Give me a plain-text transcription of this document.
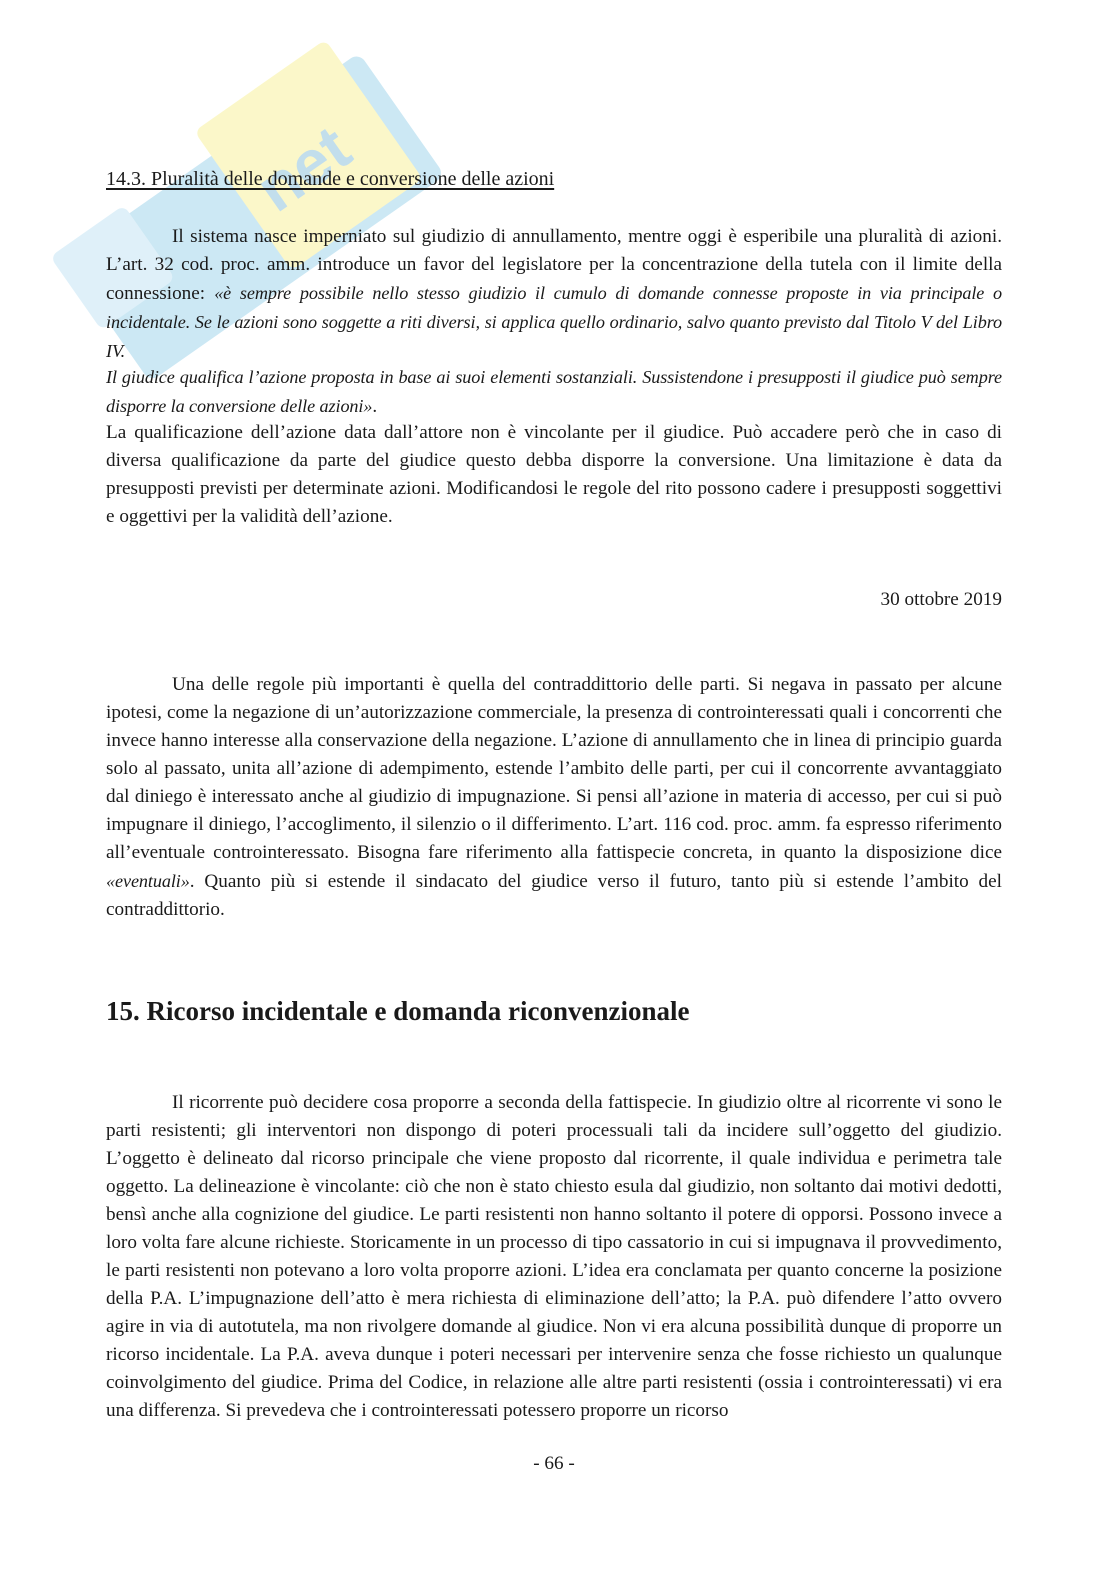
net
14.3. Pluralità delle domande e conversione delle azioni

Il sistema nasce imperniato sul giudizio di annullamento, mentre oggi è esperibile una pluralità di azioni. L’art. 32 cod. proc. amm. introduce un favor del legislatore per la concentrazione della tutela con il limite della connessione: «è sempre possibile nello stesso giudizio il cumulo di domande connesse proposte in via principale o incidentale. Se le azioni sono soggette a riti diversi, si applica quello ordinario, salvo quanto previsto dal Titolo V del Libro IV.

Il giudice qualifica l’azione proposta in base ai suoi elementi sostanziali. Sussistendone i presupposti il giudice può sempre disporre la conversione delle azioni».

La qualificazione dell’azione data dall’attore non è vincolante per il giudice. Può accadere però che in caso di diversa qualificazione da parte del giudice questo debba disporre la conversione. Una limitazione è data da presupposti previsti per determinate azioni. Modificandosi le regole del rito possono cadere i presupposti soggettivi e oggettivi per la validità dell’azione.

30 ottobre 2019

Una delle regole più importanti è quella del contraddittorio delle parti. Si negava in passato per alcune ipotesi, come la negazione di un’autorizzazione commerciale, la presenza di controinteressati quali i concorrenti che invece hanno interesse alla conservazione della negazione. L’azione di annullamento che in linea di principio guarda solo al passato, unita all’azione di adempimento, estende l’ambito delle parti, per cui il concorrente avvantaggiato dal diniego è interessato anche al giudizio di impugnazione. Si pensi all’azione in materia di accesso, per cui si può impugnare il diniego, l’accoglimento, il silenzio o il differimento. L’art. 116 cod. proc. amm. fa espresso riferimento all’eventuale controinteressato. Bisogna fare riferimento alla fattispecie concreta, in quanto la disposizione dice «eventuali». Quanto più si estende il sindacato del giudice verso il futuro, tanto più si estende l’ambito del contraddittorio.

15. Ricorso incidentale e domanda riconvenzionale

Il ricorrente può decidere cosa proporre a seconda della fattispecie. In giudizio oltre al ricorrente vi sono le parti resistenti; gli interventori non dispongo di poteri processuali tali da incidere sull’oggetto del giudizio. L’oggetto è delineato dal ricorso principale che viene proposto dal ricorrente, il quale individua e perimetra tale oggetto. La delineazione è vincolante: ciò che non è stato chiesto esula dal giudizio, non soltanto dai motivi dedotti, bensì anche alla cognizione del giudice. Le parti resistenti non hanno soltanto il potere di opporsi. Possono invece a loro volta fare alcune richieste. Storicamente in un processo di tipo cassatorio in cui si impugnava il provvedimento, le parti resistenti non potevano a loro volta proporre azioni. L’idea era conclamata per quanto concerne la posizione della P.A. L’impugnazione dell’atto è mera richiesta di eliminazione dell’atto; la P.A. può difendere l’atto ovvero agire in via di autotutela, ma non rivolgere domande al giudice. Non vi era alcuna possibilità dunque di proporre un ricorso incidentale. La P.A. aveva dunque i poteri necessari per intervenire senza che fosse richiesto un qualunque coinvolgimento del giudice. Prima del Codice, in relazione alle altre parti resistenti (ossia i controinteressati) vi era una differenza. Si prevedeva che i controinteressati potessero proporre un ricorso

- 66 -
